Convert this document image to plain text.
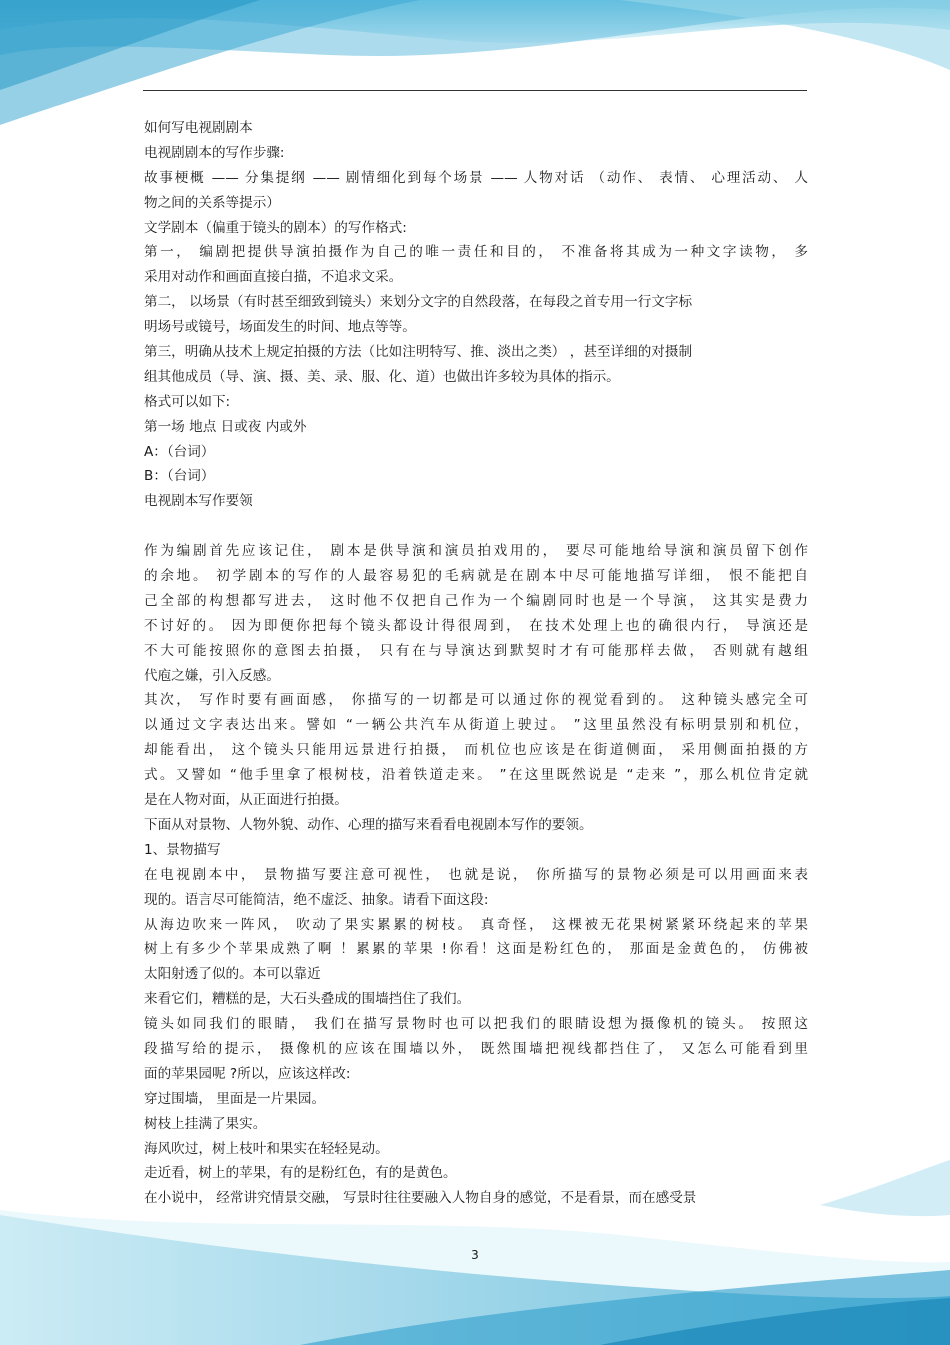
如何写电视剧剧本
电视剧剧本的写作步骤:
故事梗概 —— 分集提纲 —— 剧情细化到每个场景 —— 人物对话 （动作、 表情、 心理活动、 人
物之间的关系等提示）
文学剧本（偏重于镜头的剧本）的写作格式:
第一， 编剧把提供导演拍摄作为自己的唯一责任和目的， 不准备将其成为一种文字读物， 多
采用对动作和画面直接白描，不追求文采。
第二， 以场景（有时甚至细致到镜头）来划分文字的自然段落，在每段之首专用一行文字标
明场号或镜号，场面发生的时间、地点等等。
第三，明确从技术上规定拍摄的方法（比如注明特写、推、淡出之类） ，甚至详细的对摄制
组其他成员（导、演、摄、美、录、服、化、道）也做出许多较为具体的指示。
格式可以如下:
第一场 地点 日或夜 内或外
A：（台词）
B：（台词）
电视剧本写作要领
作为编剧首先应该记住， 剧本是供导演和演员拍戏用的， 要尽可能地给导演和演员留下创作
的余地。 初学剧本的写作的人最容易犯的毛病就是在剧本中尽可能地描写详细， 恨不能把自
己全部的构想都写进去， 这时他不仅把自己作为一个编剧同时也是一个导演， 这其实是费力
不讨好的。 因为即便你把每个镜头都设计得很周到， 在技术处理上也的确很内行， 导演还是
不大可能按照你的意图去拍摄， 只有在与导演达到默契时才有可能那样去做， 否则就有越组
代庖之嫌，引入反感。
其次， 写作时要有画面感， 你描写的一切都是可以通过你的视觉看到的。 这种镜头感完全可
以通过文字表达出来。譬如 “一辆公共汽车从街道上驶过。 ”这里虽然没有标明景别和机位，
却能看出， 这个镜头只能用远景进行拍摄， 而机位也应该是在街道侧面， 采用侧面拍摄的方
式。又譬如 “他手里拿了根树枝，沿着铁道走来。 ”在这里既然说是 “走来 ”，那么机位肯定就
是在人物对面，从正面进行拍摄。
下面从对景物、人物外貌、动作、心理的描写来看看电视剧本写作的要领。
1、景物描写
在电视剧本中， 景物描写要注意可视性， 也就是说， 你所描写的景物必须是可以用画面来表
现的。语言尽可能简洁，绝不虚泛、抽象。请看下面这段:
从海边吹来一阵风， 吹动了果实累累的树枝。 真奇怪， 这棵被无花果树紧紧环绕起来的苹果
树上有多少个苹果成熟了啊 ！累累的苹果 !你看！这面是粉红色的， 那面是金黄色的， 仿佛被
太阳射透了似的。本可以靠近
来看它们，糟糕的是，大石头叠成的围墙挡住了我们。
镜头如同我们的眼睛， 我们在描写景物时也可以把我们的眼睛设想为摄像机的镜头。 按照这
段描写给的提示， 摄像机的应该在围墙以外， 既然围墙把视线都挡住了， 又怎么可能看到里
面的苹果园呢 ?所以，应该这样改:
穿过围墙， 里面是一片果园。
树枝上挂满了果实。
海风吹过，树上枝叶和果实在轻轻晃动。
走近看，树上的苹果，有的是粉红色，有的是黄色。
在小说中， 经常讲究情景交融， 写景时往往要融入人物自身的感觉，不是看景，而在感受景
3
